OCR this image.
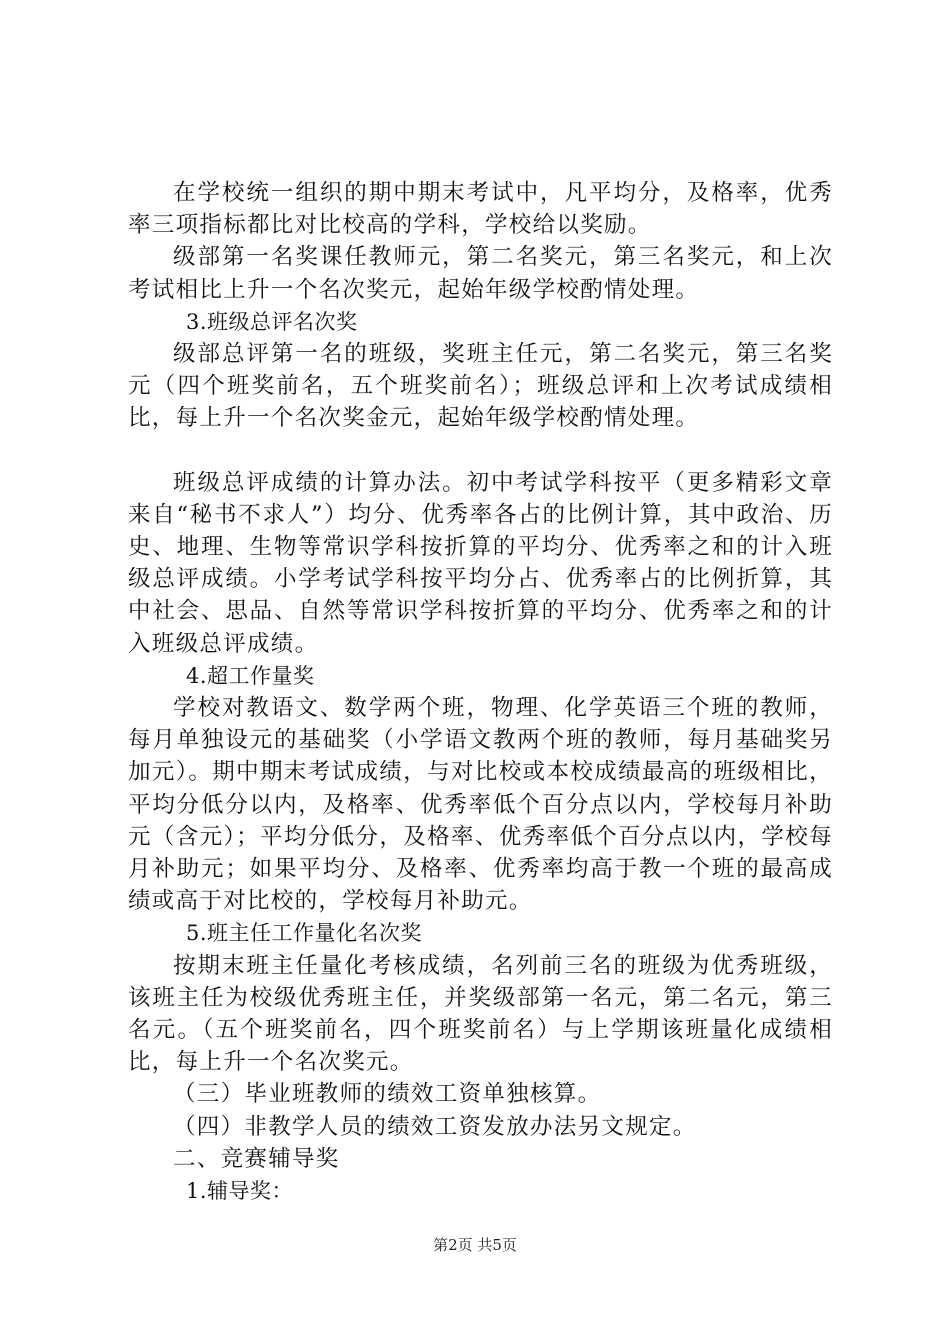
在学校统一组织的期中期末考试中，凡平均分，及格率，优秀率三项指标都比对比校高的学科，学校给以奖励。

级部第一名奖课任教师元，第二名奖元，第三名奖元，和上次考试相比上升一个名次奖元，起始年级学校酌情处理。

3.班级总评名次奖

级部总评第一名的班级，奖班主任元，第二名奖元，第三名奖元（四个班奖前名，五个班奖前名）；班级总评和上次考试成绩相比，每上升一个名次奖金元，起始年级学校酌情处理。

班级总评成绩的计算办法。初中考试学科按平（更多精彩文章来自“秘书不求人”）均分、优秀率各占的比例计算，其中政治、历史、地理、生物等常识学科按折算的平均分、优秀率之和的计入班级总评成绩。小学考试学科按平均分占、优秀率占的比例折算，其中社会、思品、自然等常识学科按折算的平均分、优秀率之和的计入班级总评成绩。

4.超工作量奖

学校对教语文、数学两个班，物理、化学英语三个班的教师，每月单独设元的基础奖（小学语文教两个班的教师，每月基础奖另加元）。期中期末考试成绩，与对比校或本校成绩最高的班级相比，平均分低分以内，及格率、优秀率低个百分点以内，学校每月补助元（含元）；平均分低分，及格率、优秀率低个百分点以内，学校每月补助元；如果平均分、及格率、优秀率均高于教一个班的最高成绩或高于对比校的，学校每月补助元。

5.班主任工作量化名次奖

按期末班主任量化考核成绩，名列前三名的班级为优秀班级，该班主任为校级优秀班主任，并奖级部第一名元，第二名元，第三名元。（五个班奖前名，四个班奖前名）与上学期该班量化成绩相比，每上升一个名次奖元。

（三）毕业班教师的绩效工资单独核算。

（四）非教学人员的绩效工资发放办法另文规定。

二、竞赛辅导奖

1.辅导奖：

第2页 共5页
